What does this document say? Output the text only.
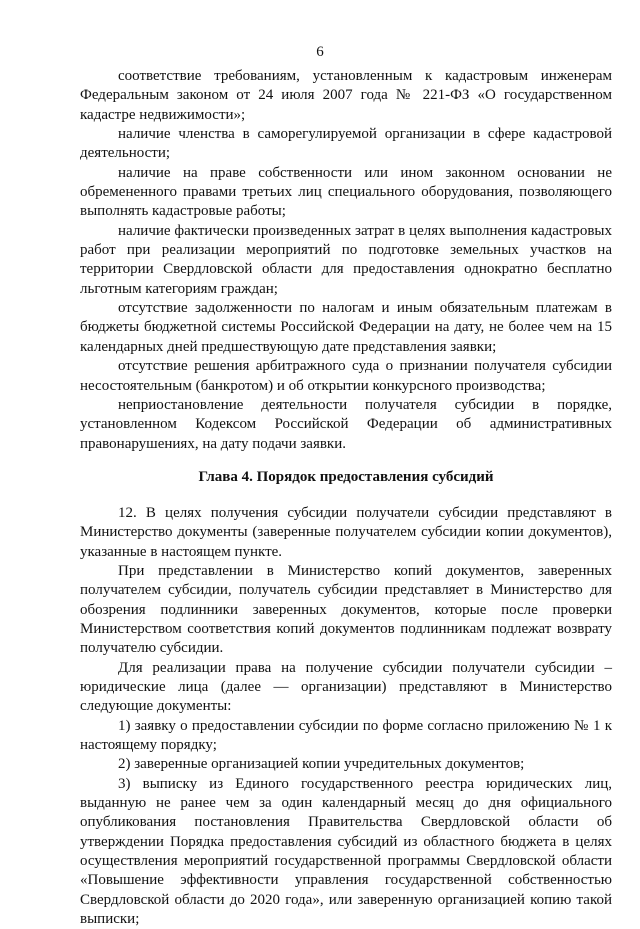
6

соответствие требованиям, установленным к кадастровым инженерам Федеральным законом от 24 июля 2007 года № 221-ФЗ «О государственном кадастре недвижимости»;

наличие членства в саморегулируемой организации в сфере кадастровой деятельности;

наличие на праве собственности или ином законном основании не обремененного правами третьих лиц специального оборудования, позволяющего выполнять кадастровые работы;

наличие фактически произведенных затрат в целях выполнения кадастровых работ при реализации мероприятий по подготовке земельных участков на территории Свердловской области для предоставления однократно бесплатно льготным категориям граждан;

отсутствие задолженности по налогам и иным обязательным платежам в бюджеты бюджетной системы Российской Федерации на дату, не более чем на 15 календарных дней предшествующую дате представления заявки;

отсутствие решения арбитражного суда о признании получателя субсидии несостоятельным (банкротом) и об открытии конкурсного производства;

неприостановление деятельности получателя субсидии в порядке, установленном Кодексом Российской Федерации об административных правонарушениях, на дату подачи заявки.

Глава 4. Порядок предоставления субсидий

12. В целях получения субсидии получатели субсидии представляют в Министерство документы (заверенные получателем субсидии копии документов), указанные в настоящем пункте.

При представлении в Министерство копий документов, заверенных получателем субсидии, получатель субсидии представляет в Министерство для обозрения подлинники заверенных документов, которые после проверки Министерством соответствия копий документов подлинникам подлежат возврату получателю субсидии.

Для реализации права на получение субсидии получатели субсидии – юридические лица (далее — организации) представляют в Министерство следующие документы:

1) заявку о предоставлении субсидии по форме согласно приложению № 1 к настоящему порядку;

2) заверенные организацией копии учредительных документов;

3) выписку из Единого государственного реестра юридических лиц, выданную не ранее чем за один календарный месяц до дня официального опубликования постановления Правительства Свердловской области об утверждении Порядка предоставления субсидий из областного бюджета в целях осуществления мероприятий государственной программы Свердловской области «Повышение эффективности управления государственной собственностью Свердловской области до 2020 года», или заверенную организацией копию такой выписки;
